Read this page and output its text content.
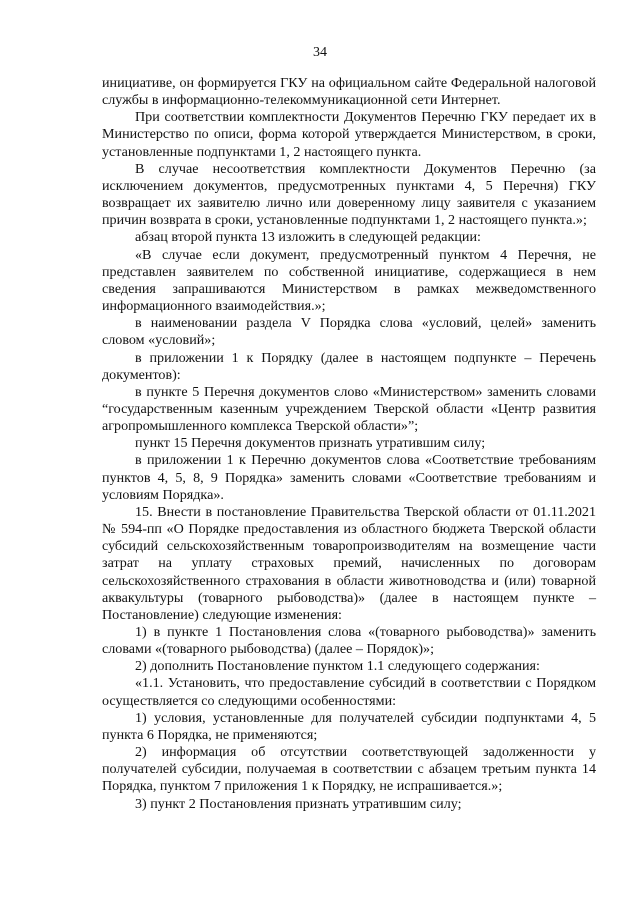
34

инициативе, он формируется ГКУ на официальном сайте Федеральной налоговой службы в информационно-телекоммуникационной сети Интернет.

При соответствии комплектности Документов Перечню ГКУ передает их в Министерство по описи, форма которой утверждается Министерством, в сроки, установленные подпунктами 1, 2 настоящего пункта.

В случае несоответствия комплектности Документов Перечню (за исключением документов, предусмотренных пунктами 4, 5 Перечня) ГКУ возвращает их заявителю лично или доверенному лицу заявителя с указанием причин возврата в сроки, установленные подпунктами 1, 2 настоящего пункта.»;

абзац второй пункта 13 изложить в следующей редакции:

«В случае если документ, предусмотренный пунктом 4 Перечня, не представлен заявителем по собственной инициативе, содержащиеся в нем сведения запрашиваются Министерством в рамках межведомственного информационного взаимодействия.»;

в наименовании раздела V Порядка слова «условий, целей» заменить словом «условий»;

в приложении 1 к Порядку (далее в настоящем подпункте – Перечень документов):

в пункте 5 Перечня документов слово «Министерством» заменить словами “государственным казенным учреждением Тверской области «Центр развития агропромышленного комплекса Тверской области»”;

пункт 15 Перечня документов признать утратившим силу;

в приложении 1 к Перечню документов слова «Соответствие требованиям пунктов 4, 5, 8, 9 Порядка» заменить словами «Соответствие требованиям и условиям Порядка».

15. Внести в постановление Правительства Тверской области от 01.11.2021 № 594-пп «О Порядке предоставления из областного бюджета Тверской области субсидий сельскохозяйственным товаропроизводителям на возмещение части затрат на уплату страховых премий, начисленных по договорам сельскохозяйственного страхования в области животноводства и (или) товарной аквакультуры (товарного рыбоводства)» (далее в настоящем пункте – Постановление) следующие изменения:

1) в пункте 1 Постановления слова «(товарного рыбоводства)» заменить словами «(товарного рыбоводства) (далее – Порядок)»;

2) дополнить Постановление пунктом 1.1 следующего содержания:

«1.1. Установить, что предоставление субсидий в соответствии с Порядком осуществляется со следующими особенностями:

1) условия, установленные для получателей субсидии подпунктами 4, 5 пункта 6 Порядка, не применяются;

2) информация об отсутствии соответствующей задолженности у получателей субсидии, получаемая в соответствии с абзацем третьим пункта 14 Порядка, пунктом 7 приложения 1 к Порядку, не испрашивается.»;

3) пункт 2 Постановления признать утратившим силу;
